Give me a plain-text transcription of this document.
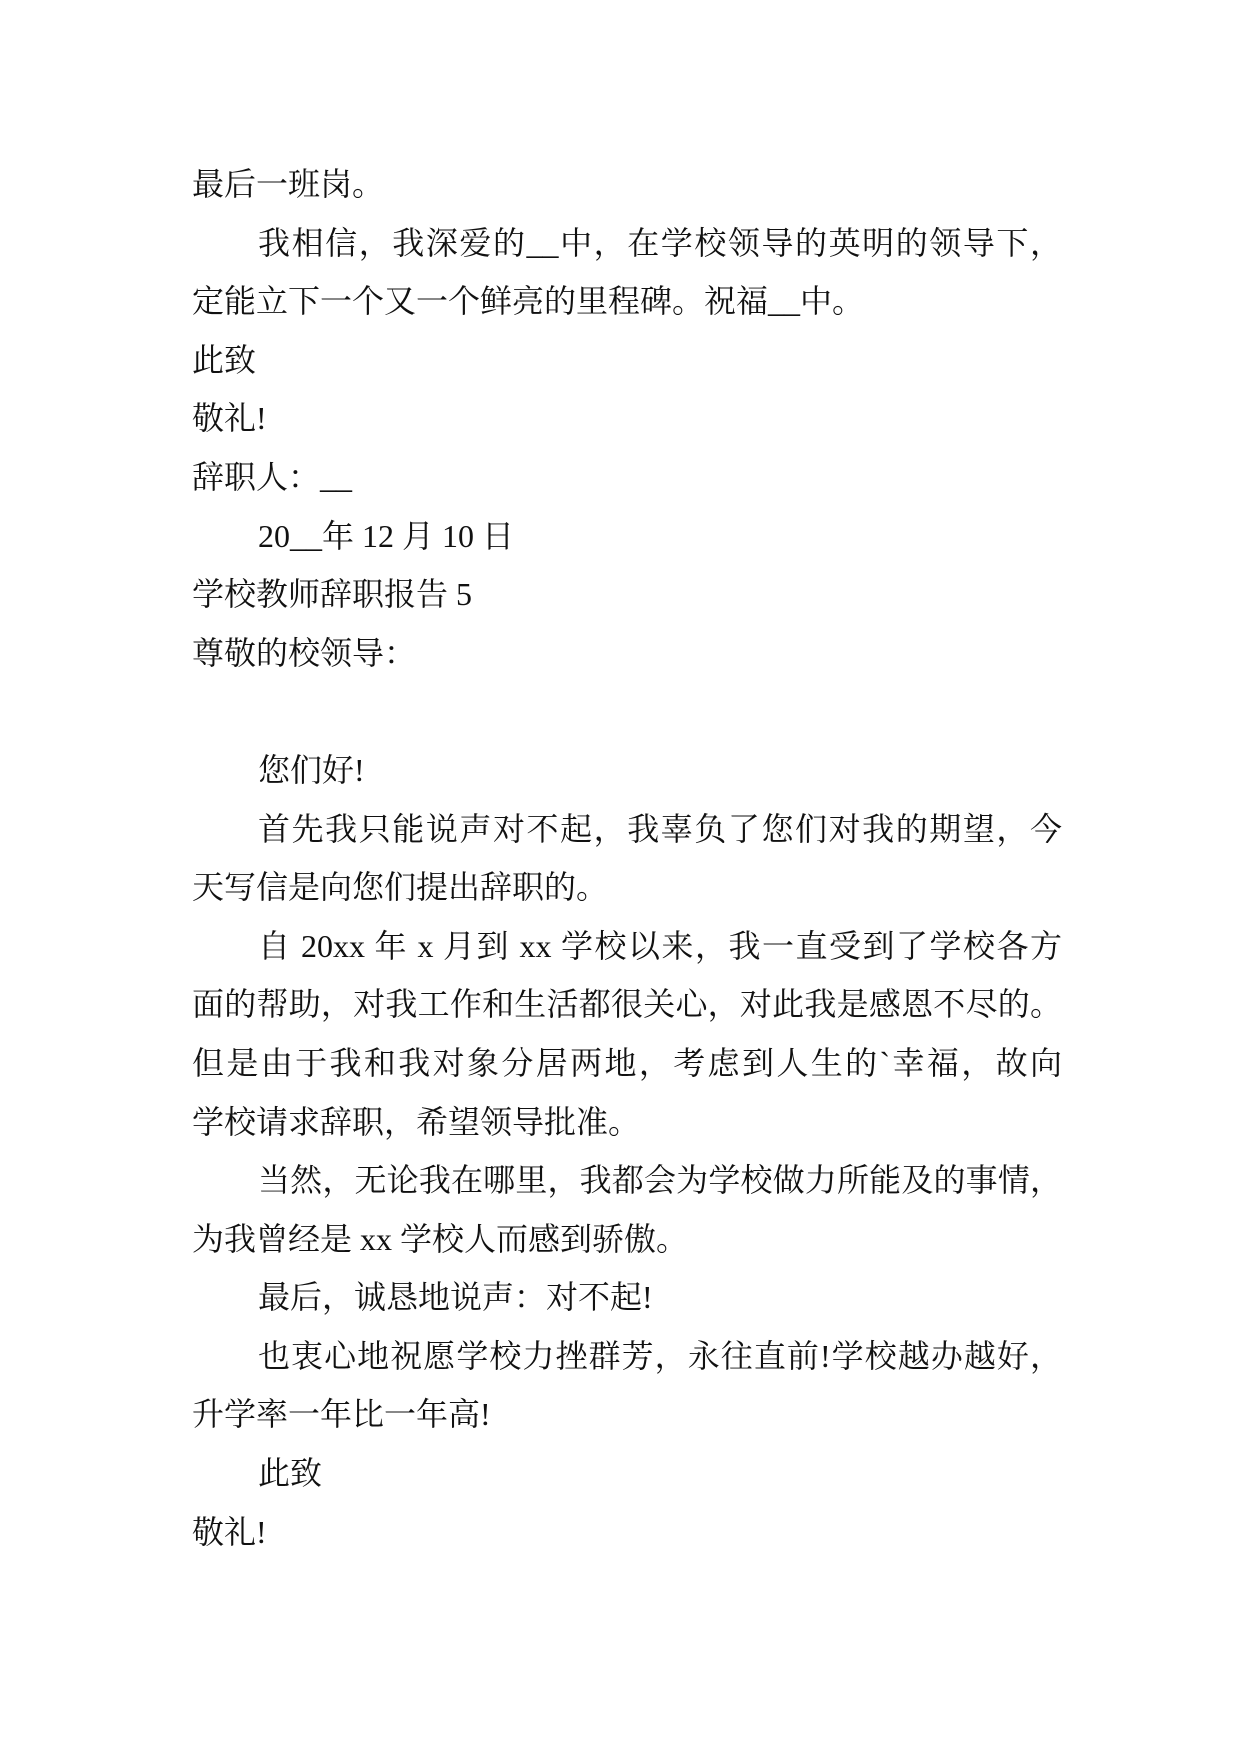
最后一班岗。
我相信，我深爱的__中，在学校领导的英明的领导下，
定能立下一个又一个鲜亮的里程碑。祝福__中。
此致
敬礼!
辞职人：__
20__年 12 月 10 日
学校教师辞职报告 5
尊敬的校领导：
您们好!
首先我只能说声对不起，我辜负了您们对我的期望，今
天写信是向您们提出辞职的。
自 20xx 年 x 月到 xx 学校以来，我一直受到了学校各方
面的帮助，对我工作和生活都很关心，对此我是感恩不尽的。
但是由于我和我对象分居两地，考虑到人生的`幸福，故向
学校请求辞职，希望领导批准。
当然，无论我在哪里，我都会为学校做力所能及的事情，
为我曾经是 xx 学校人而感到骄傲。
最后，诚恳地说声：对不起!
也衷心地祝愿学校力挫群芳，永往直前!学校越办越好，
升学率一年比一年高!
此致
敬礼!
